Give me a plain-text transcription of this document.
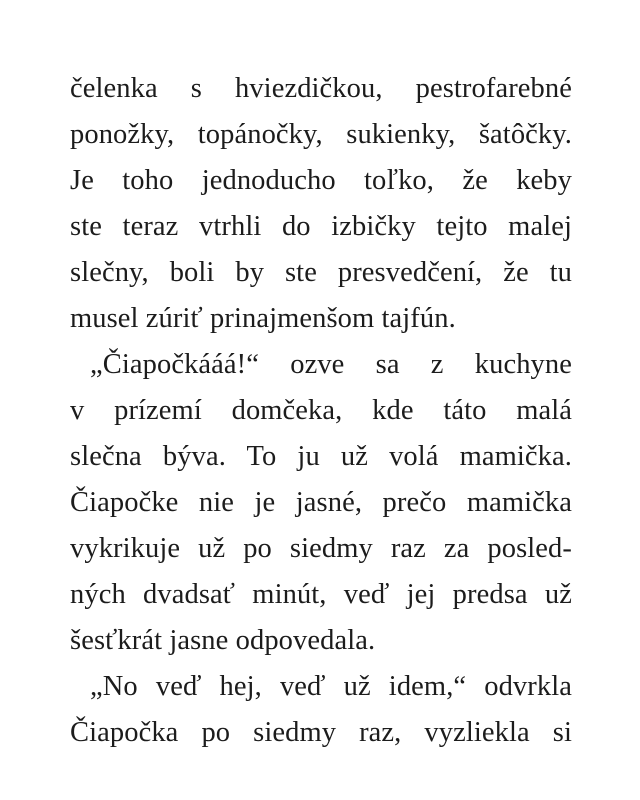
čelenka s hviezdičkou, pestrofarebné
ponožky, topánočky, sukienky, šatôčky.
Je toho jednoducho toľko, že keby
ste teraz vtrhli do izbičky tejto malej
slečny, boli by ste presvedčení, že tu
musel zúriť prinajmenšom tajfún.
„Čiapočkááá!“ ozve sa z kuchyne
v prízemí domčeka, kde táto malá
slečna býva. To ju už volá mamička.
Čiapočke nie je jasné, prečo mamička
vykrikuje už po siedmy raz za posled-
ných dvadsať minút, veď jej predsa už
šesťkrát jasne odpovedala.
„No veď hej, veď už idem,“ odvrkla
Čiapočka po siedmy raz, vyzliekla si
